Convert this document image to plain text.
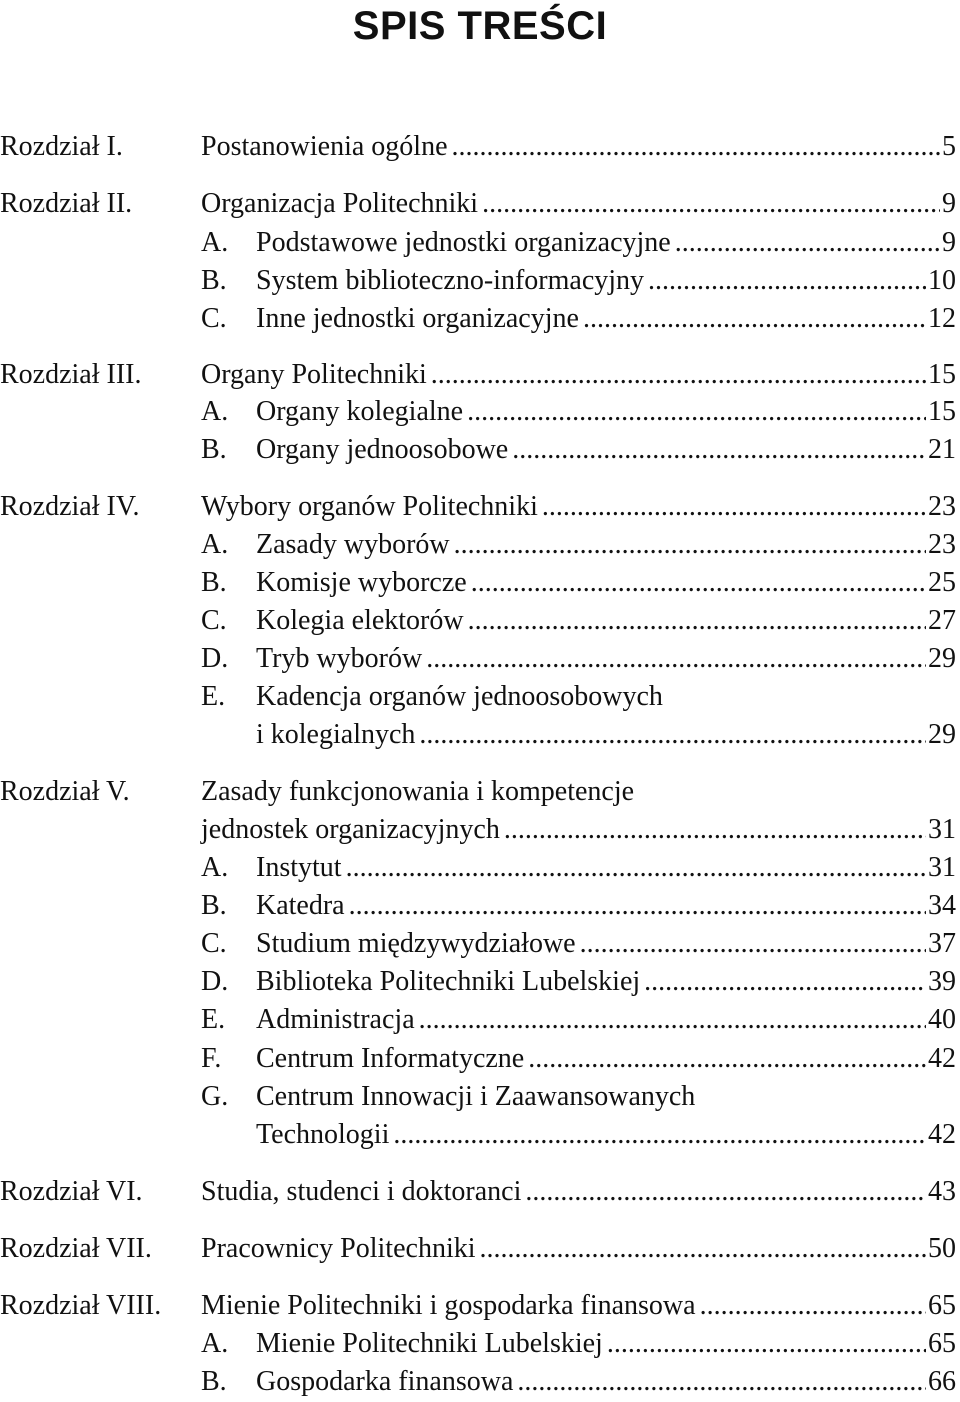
SPIS TREŚCI
Rozdział I.	Postanowienia ogólne .....	5
Rozdział II. Organizacja Politechniki .....	9
A. Podstawowe jednostki organizacyjne .....	9
B.	System biblioteczno-informacyjny .....	10
C.	Inne jednostki organizacyjne .....	12
Rozdział III. Organy Politechniki .....	15
A. Organy kolegialne .....	15
B.	Organy jednoosobowe .....	21
Rozdział IV. Wybory organów Politechniki .....	23
A. Zasady wyborów .....	23
B.	Komisje wyborcze .....	25
C.	Kolegia elektorów .....	27
D. Tryb wyborów .....	29
E.	Kadencja organów jednoosobowych
i kolegialnych .....	29
Rozdział V.	Zasady funkcjonowania i kompetencje
jednostek organizacyjnych .....	31
A. Instytut .....	31
B.	Katedra .....	34
C.	Studium międzywydziałowe .....	37
D. Biblioteka Politechniki Lubelskiej .....	39
E.	Administracja .....	40
F.	Centrum Informatyczne .....	42
G. Centrum Innowacji i Zaawansowanych
Technologii .....	42
Rozdział VI. Studia, studenci i doktoranci .....	43
Rozdział VII. Pracownicy Politechniki .....	50
Rozdział VIII. Mienie Politechniki i gospodarka finansowa .....	65
A. Mienie Politechniki Lubelskiej .....	65
B.	Gospodarka finansowa .....	66
